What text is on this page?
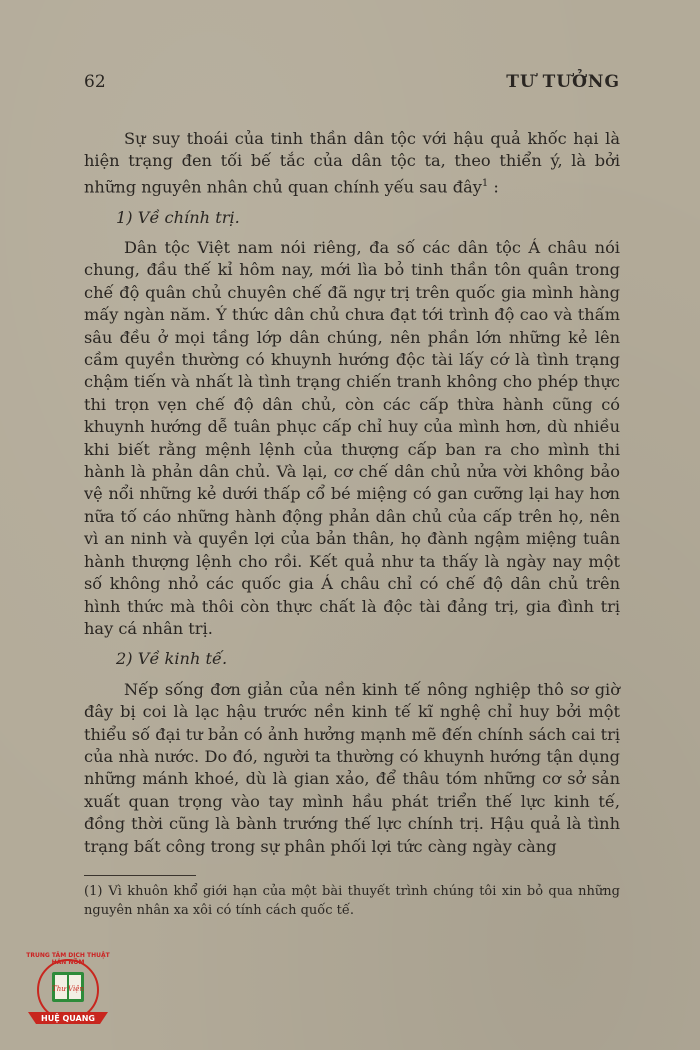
62	TƯ TƯỞNG

Sự suy thoái của tinh thần dân tộc với hậu quả khốc hại là hiện trạng đen tối bế tắc của dân tộc ta, theo thiển ý, là bởi những nguyên nhân chủ quan chính yếu sau đây$^1$ :

1) Về chính trị.

Dân tộc Việt nam nói riêng, đa số các dân tộc Á châu nói chung, đầu thế kỉ hôm nay, mới lìa bỏ tinh thần tôn quân trong chế độ quân chủ chuyên chế đã ngự trị trên quốc gia mình hàng mấy ngàn năm. Ý thức dân chủ chưa đạt tới trình độ cao và thấm sâu đều ở mọi tầng lớp dân chúng, nên phần lớn những kẻ lên cầm quyền thường có khuynh hướng độc tài lấy cớ là tình trạng chậm tiến và nhất là tình trạng chiến tranh không cho phép thực thi trọn vẹn chế độ dân chủ, còn các cấp thừa hành cũng có khuynh hướng dễ tuân phục cấp chỉ huy của mình hơn, dù nhiều khi biết rằng mệnh lệnh của thượng cấp ban ra cho mình thi hành là phản dân chủ. Và lại, cơ chế dân chủ nửa vời không bảo vệ nổi những kẻ dưới thấp cổ bé miệng có gan cưỡng lại hay hơn nữa tố cáo những hành động phản dân chủ của cấp trên họ, nên vì an ninh và quyền lợi của bản thân, họ đành ngậm miệng tuân hành thượng lệnh cho rồi. Kết quả như ta thấy là ngày nay một số không nhỏ các quốc gia Á châu chỉ có chế độ dân chủ trên hình thức mà thôi còn thực chất là độc tài đảng trị, gia đình trị hay cá nhân trị.

2) Về kinh tế.

Nếp sống đơn giản của nền kinh tế nông nghiệp thô sơ giờ đây bị coi là lạc hậu trước nền kinh tế kĩ nghệ chỉ huy bởi một thiểu số đại tư bản có ảnh hưởng mạnh mẽ đến chính sách cai trị của nhà nước. Do đó, người ta thường có khuynh hướng tận dụng những mánh khoé, dù là gian xảo, để thâu tóm những cơ sở sản xuất quan trọng vào tay mình hầu phát triển thế lực kinh tế, đồng thời cũng là bành trướng thế lực chính trị. Hậu quả là tình trạng bất công trong sự phân phối lợi tức càng ngày càng

(1) Vì khuôn khổ giới hạn của một bài thuyết trình chúng tôi xin bỏ qua những nguyên nhân xa xôi có tính cách quốc tế.
Thư Viện
TRUNG TÂM DỊCH THUẬT HÁN NÔM
HUỆ QUANG
